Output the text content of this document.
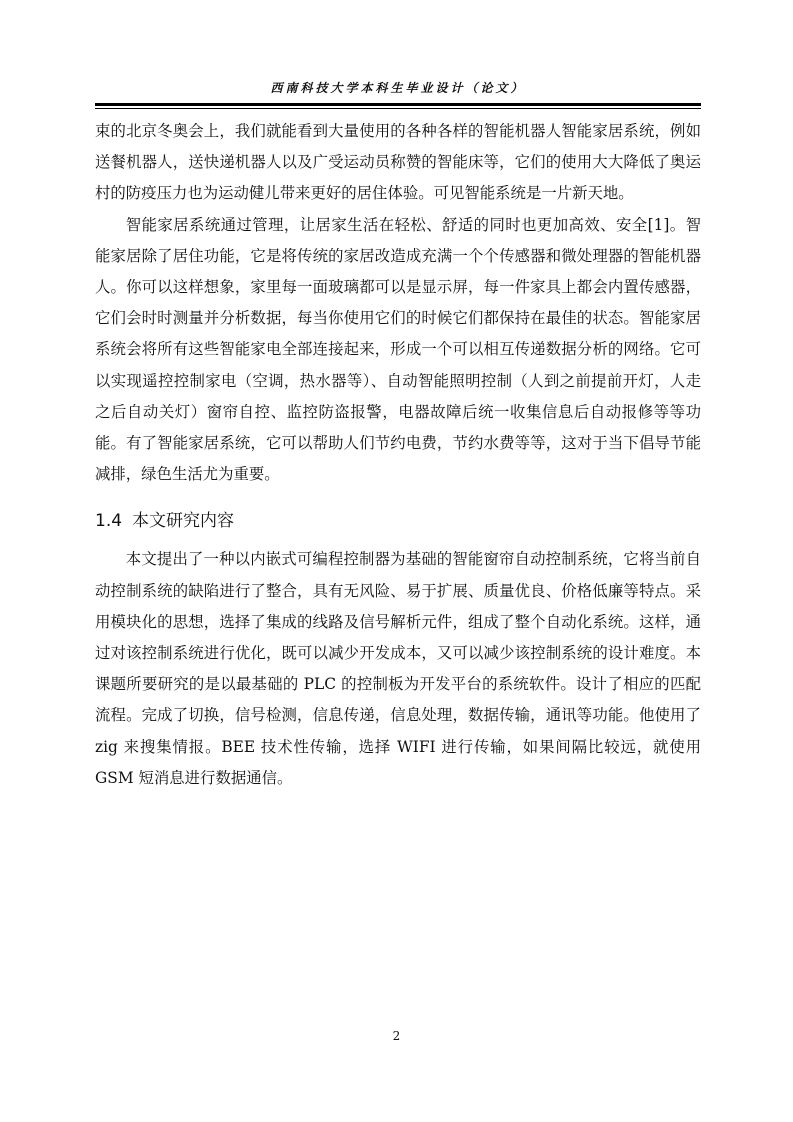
西南科技大学本科生毕业设计（论文）

束的北京冬奥会上，我们就能看到大量使用的各种各样的智能机器人智能家居系统，例如送餐机器人，送快递机器人以及广受运动员称赞的智能床等，它们的使用大大降低了奥运村的防疫压力也为运动健儿带来更好的居住体验。可见智能系统是一片新天地。

智能家居系统通过管理，让居家生活在轻松、舒适的同时也更加高效、安全[1]。智能家居除了居住功能，它是将传统的家居改造成充满一个个传感器和微处理器的智能机器人。你可以这样想象，家里每一面玻璃都可以是显示屏，每一件家具上都会内置传感器，它们会时时测量并分析数据，每当你使用它们的时候它们都保持在最佳的状态。智能家居系统会将所有这些智能家电全部连接起来，形成一个可以相互传递数据分析的网络。它可以实现遥控控制家电（空调，热水器等）、自动智能照明控制（人到之前提前开灯，人走之后自动关灯）窗帘自控、监控防盗报警，电器故障后统一收集信息后自动报修等等功能。有了智能家居系统，它可以帮助人们节约电费，节约水费等等，这对于当下倡导节能减排，绿色生活尤为重要。

1.4 本文研究内容

本文提出了一种以内嵌式可编程控制器为基础的智能窗帘自动控制系统，它将当前自动控制系统的缺陷进行了整合，具有无风险、易于扩展、质量优良、价格低廉等特点。采用模块化的思想，选择了集成的线路及信号解析元件，组成了整个自动化系统。这样，通过对该控制系统进行优化，既可以减少开发成本，又可以减少该控制系统的设计难度。本课题所要研究的是以最基础的 PLC 的控制板为开发平台的系统软件。设计了相应的匹配流程。完成了切换，信号检测，信息传递，信息处理，数据传输，通讯等功能。他使用了 zig 来搜集情报。BEE 技术性传输，选择 WIFI 进行传输，如果间隔比较远，就使用 GSM 短消息进行数据通信。

2
